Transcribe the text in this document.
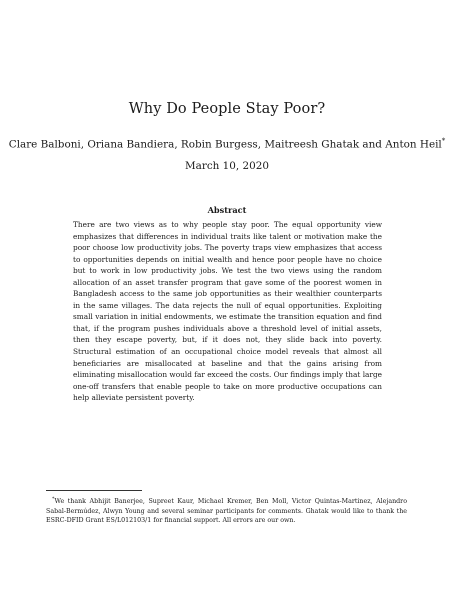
Why Do People Stay Poor?
Clare Balboni, Oriana Bandiera, Robin Burgess, Maitreesh Ghatak and Anton Heil*
March 10, 2020
Abstract
There are two views as to why people stay poor. The equal opportunity view emphasizes that differences in individual traits like talent or motivation make the poor choose low productivity jobs. The poverty traps view emphasizes that access to opportunities depends on initial wealth and hence poor people have no choice but to work in low productivity jobs. We test the two views using the random allocation of an asset transfer program that gave some of the poorest women in Bangladesh access to the same job opportunities as their wealthier counterparts in the same villages. The data rejects the null of equal opportunities. Exploiting small variation in initial endowments, we estimate the transition equation and find that, if the program pushes individuals above a threshold level of initial assets, then they escape poverty, but, if it does not, they slide back into poverty. Structural estimation of an occupational choice model reveals that almost all beneficiaries are misallocated at baseline and that the gains arising from eliminating misallocation would far exceed the costs. Our findings imply that large one-off transfers that enable people to take on more productive occupations can help alleviate persistent poverty.
*We thank Abhijit Banerjee, Supreet Kaur, Michael Kremer, Ben Moll, Victor Quintas-Martinez, Alejandro Sabal-Bermúdez, Alwyn Young and several seminar participants for comments. Ghatak would like to thank the ESRC-DFID Grant ES/L012103/1 for financial support. All errors are our own.
